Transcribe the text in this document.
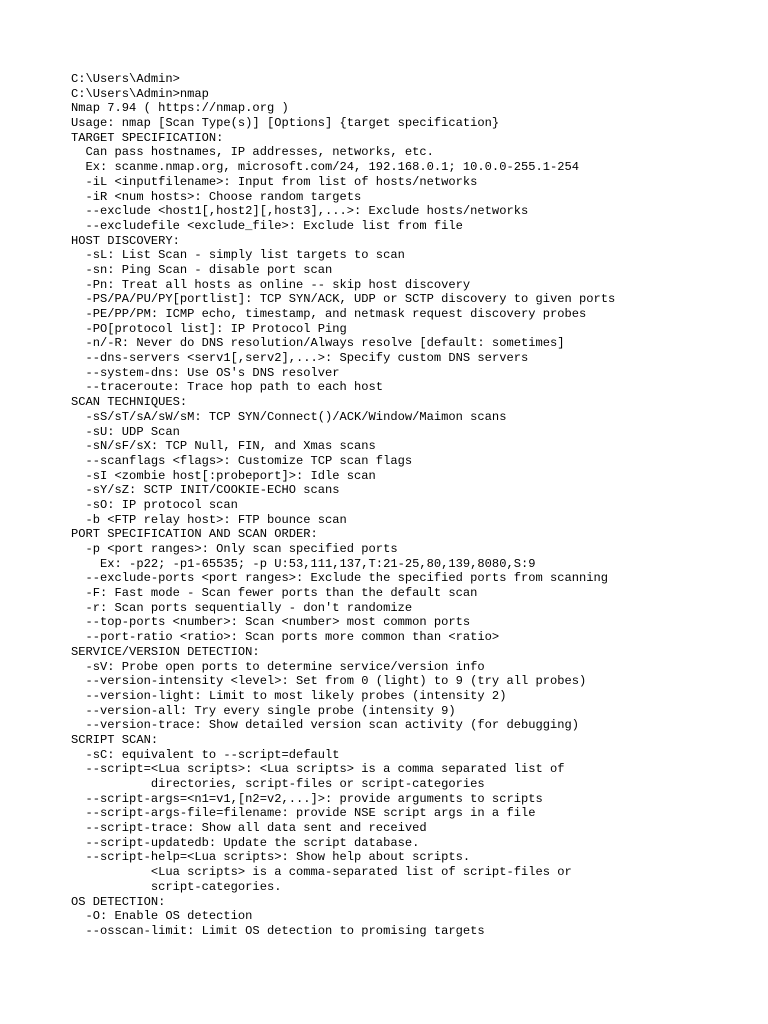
C:\Users\Admin>
C:\Users\Admin>nmap
Nmap 7.94 ( https://nmap.org )
Usage: nmap [Scan Type(s)] [Options] {target specification}
TARGET SPECIFICATION:
Can pass hostnames, IP addresses, networks, etc.
Ex: scanme.nmap.org, microsoft.com/24, 192.168.0.1; 10.0.0-255.1-254
-iL <inputfilename>: Input from list of hosts/networks
-iR <num hosts>: Choose random targets
--exclude <host1[,host2][,host3],...>: Exclude hosts/networks
--excludefile <exclude_file>: Exclude list from file
HOST DISCOVERY:
-sL: List Scan - simply list targets to scan
-sn: Ping Scan - disable port scan
-Pn: Treat all hosts as online -- skip host discovery
-PS/PA/PU/PY[portlist]: TCP SYN/ACK, UDP or SCTP discovery to given ports
-PE/PP/PM: ICMP echo, timestamp, and netmask request discovery probes
-PO[protocol list]: IP Protocol Ping
-n/-R: Never do DNS resolution/Always resolve [default: sometimes]
--dns-servers <serv1[,serv2],...>: Specify custom DNS servers
--system-dns: Use OS's DNS resolver
--traceroute: Trace hop path to each host
SCAN TECHNIQUES:
-sS/sT/sA/sW/sM: TCP SYN/Connect()/ACK/Window/Maimon scans
-sU: UDP Scan
-sN/sF/sX: TCP Null, FIN, and Xmas scans
--scanflags <flags>: Customize TCP scan flags
-sI <zombie host[:probeport]>: Idle scan
-sY/sZ: SCTP INIT/COOKIE-ECHO scans
-sO: IP protocol scan
-b <FTP relay host>: FTP bounce scan
PORT SPECIFICATION AND SCAN ORDER:
-p <port ranges>: Only scan specified ports
Ex: -p22; -p1-65535; -p U:53,111,137,T:21-25,80,139,8080,S:9
--exclude-ports <port ranges>: Exclude the specified ports from scanning
-F: Fast mode - Scan fewer ports than the default scan
-r: Scan ports sequentially - don't randomize
--top-ports <number>: Scan <number> most common ports
--port-ratio <ratio>: Scan ports more common than <ratio>
SERVICE/VERSION DETECTION:
-sV: Probe open ports to determine service/version info
--version-intensity <level>: Set from 0 (light) to 9 (try all probes)
--version-light: Limit to most likely probes (intensity 2)
--version-all: Try every single probe (intensity 9)
--version-trace: Show detailed version scan activity (for debugging)
SCRIPT SCAN:
-sC: equivalent to --script=default
--script=<Lua scripts>: <Lua scripts> is a comma separated list of
directories, script-files or script-categories
--script-args=<n1=v1,[n2=v2,...]>: provide arguments to scripts
--script-args-file=filename: provide NSE script args in a file
--script-trace: Show all data sent and received
--script-updatedb: Update the script database.
--script-help=<Lua scripts>: Show help about scripts.
<Lua scripts> is a comma-separated list of script-files or
script-categories.
OS DETECTION:
-O: Enable OS detection
--osscan-limit: Limit OS detection to promising targets
